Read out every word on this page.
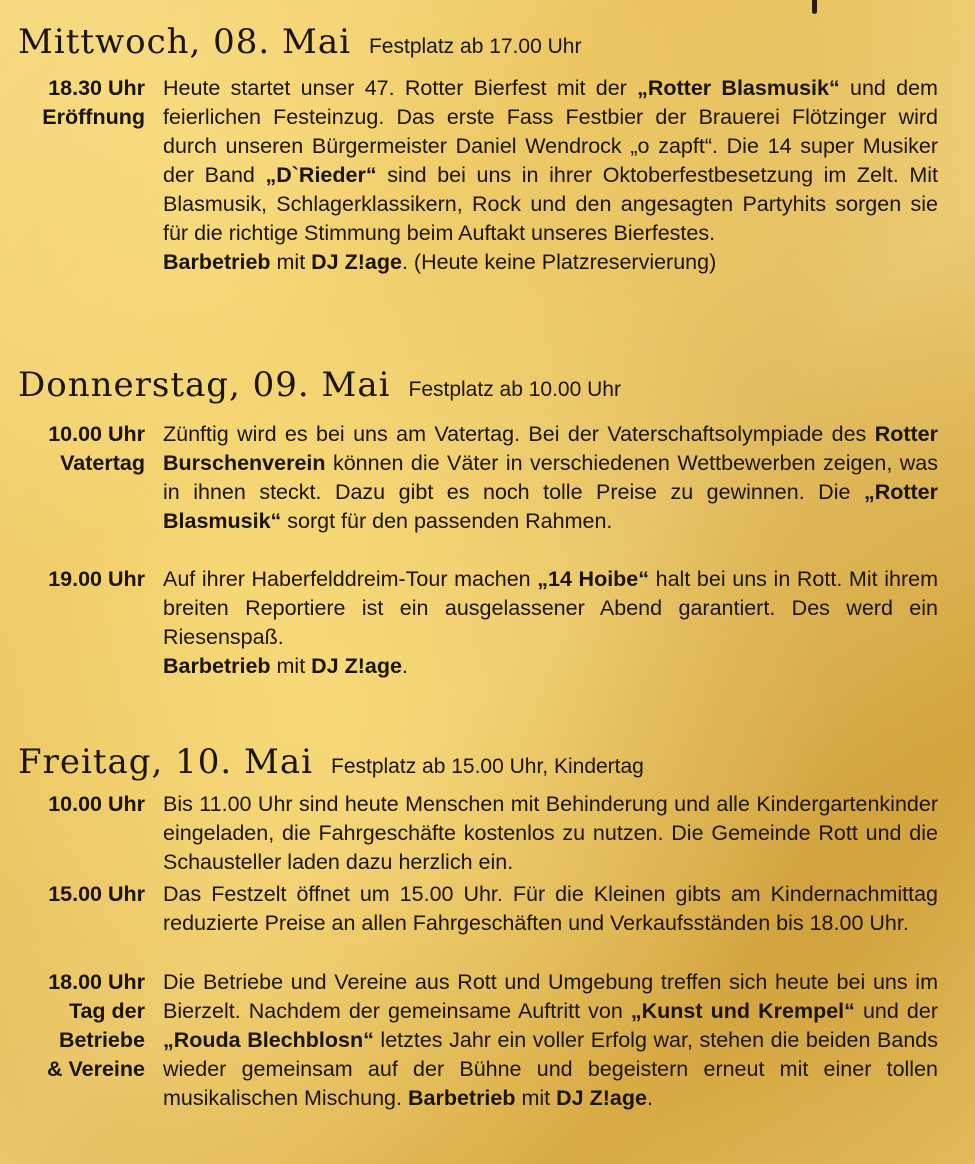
Mittwoch, 08. Mai Festplatz ab 17.00 Uhr
18.30 Uhr
Eröffnung
Heute startet unser 47. Rotter Bierfest mit der „Rotter Blasmusik“ und dem feierlichen Festeinzug. Das erste Fass Festbier der Brauerei Flötzinger wird durch unseren Bürgermeister Daniel Wendrock „o zapft“. Die 14 super Musiker der Band „D`Rieder“ sind bei uns in ihrer Oktoberfestbesetzung im Zelt. Mit Blasmusik, Schlagerklassikern, Rock und den angesagten Partyhits sorgen sie für die richtige Stimmung beim Auftakt unseres Bierfestes.
Barbetrieb mit DJ Z!age. (Heute keine Platzreservierung)
Donnerstag, 09. Mai Festplatz ab 10.00 Uhr
10.00 Uhr
Vatertag
Zünftig wird es bei uns am Vatertag. Bei der Vaterschaftsolympiade des Rotter Burschenverein können die Väter in verschiedenen Wettbewerben zeigen, was in ihnen steckt. Dazu gibt es noch tolle Preise zu gewinnen. Die „Rotter Blasmusik“ sorgt für den passenden Rahmen.
19.00 Uhr Auf ihrer Haberfelddreim-Tour machen „14 Hoibe“ halt bei uns in Rott. Mit ihrem breiten Reportiere ist ein ausgelassener Abend garantiert. Des werd ein Riesenspaß.
Barbetrieb mit DJ Z!age.
Freitag, 10. Mai Festplatz ab 15.00 Uhr, Kindertag
10.00 Uhr Bis 11.00 Uhr sind heute Menschen mit Behinderung und alle Kindergartenkinder eingeladen, die Fahrgeschäfte kostenlos zu nutzen. Die Gemeinde Rott und die Schausteller laden dazu herzlich ein.
15.00 Uhr Das Festzelt öffnet um 15.00 Uhr. Für die Kleinen gibts am Kindernachmittag reduzierte Preise an allen Fahrgeschäften und Verkaufsständen bis 18.00 Uhr.
18.00 Uhr
Tag der
Betriebe
& Vereine
Die Betriebe und Vereine aus Rott und Umgebung treffen sich heute bei uns im Bierzelt. Nachdem der gemeinsame Auftritt von „Kunst und Krempel“ und der „Rouda Blechblosn“ letztes Jahr ein voller Erfolg war, stehen die beiden Bands wieder gemeinsam auf der Bühne und begeistern erneut mit einer tollen musikalischen Mischung. Barbetrieb mit DJ Z!age.
